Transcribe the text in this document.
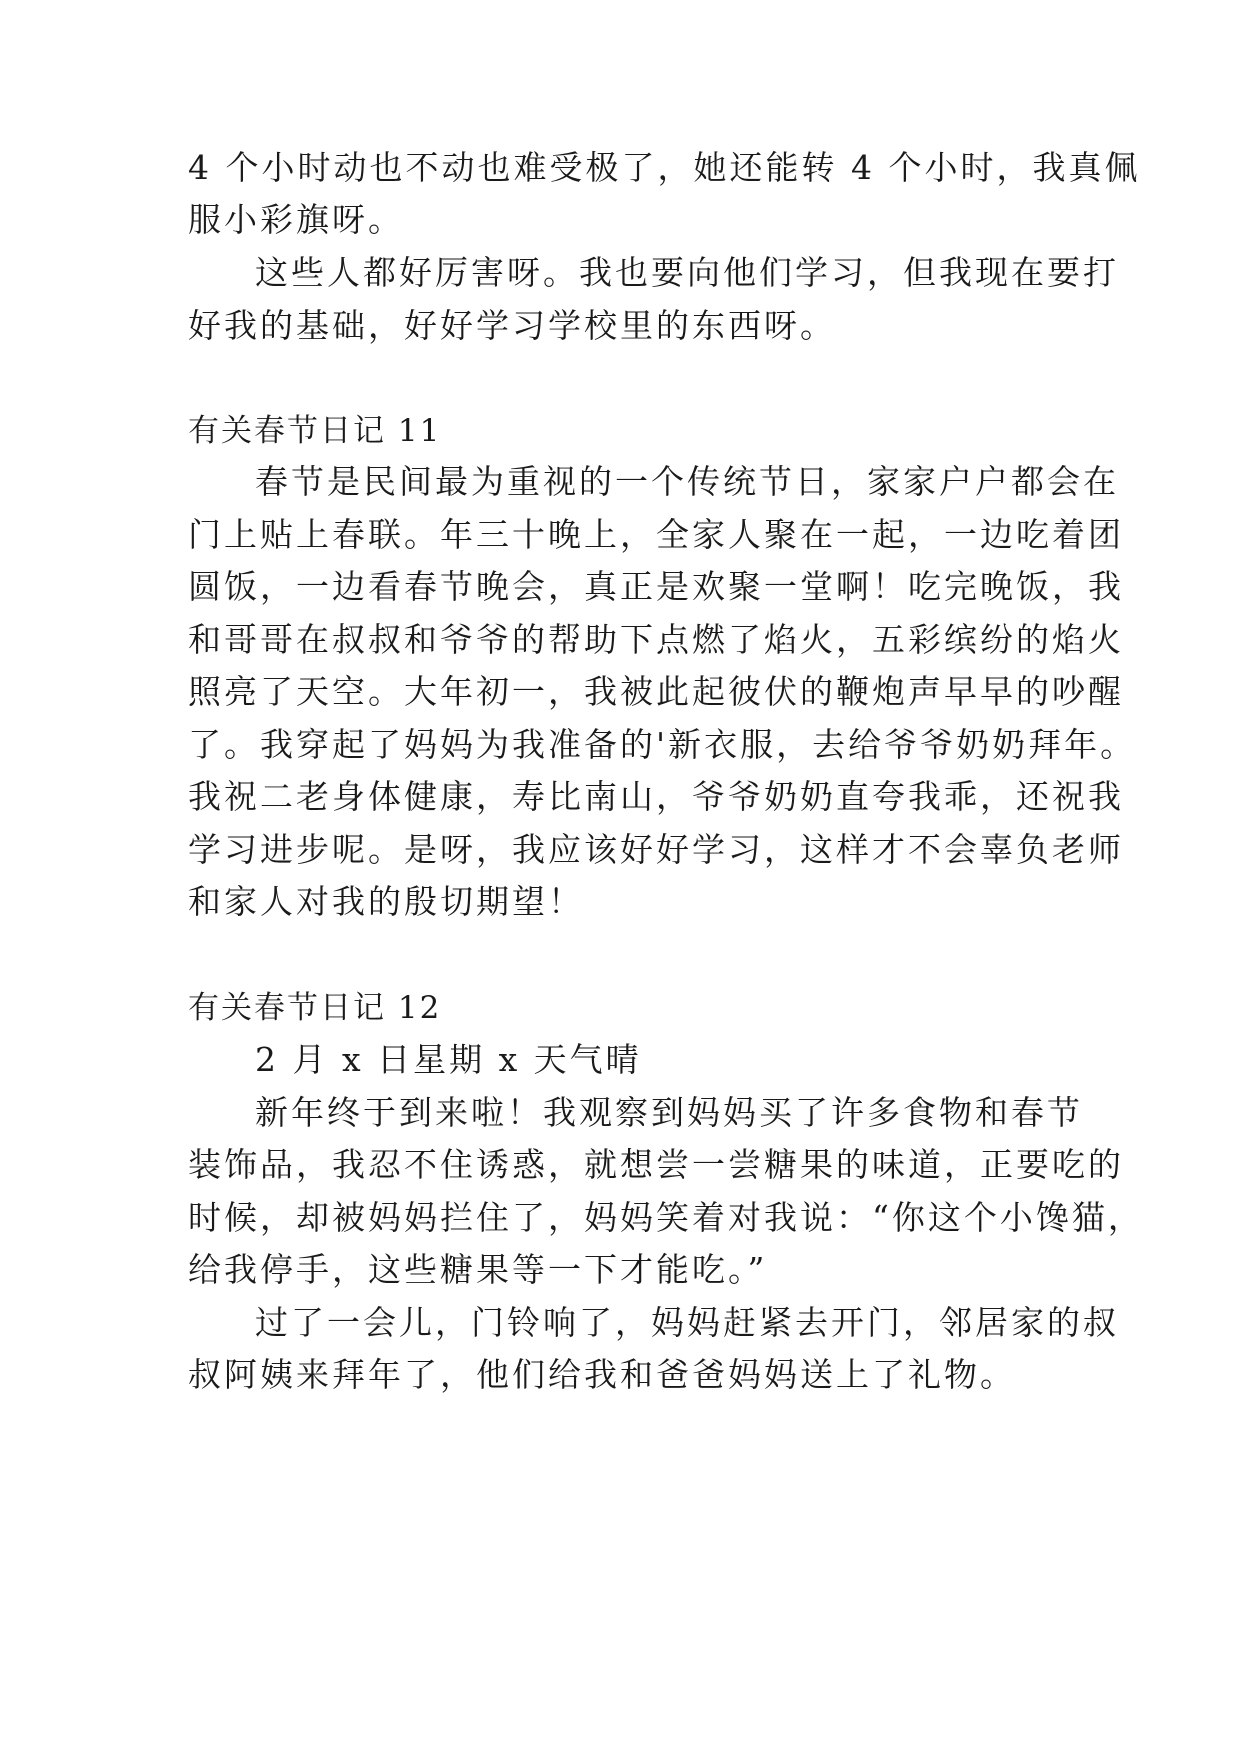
4 个小时动也不动也难受极了，她还能转 4 个小时，我真佩
服小彩旗呀。
这些人都好厉害呀。我也要向他们学习，但我现在要打
好我的基础，好好学习学校里的东西呀。
有关春节日记 11
春节是民间最为重视的一个传统节日，家家户户都会在
门上贴上春联。年三十晚上，全家人聚在一起，一边吃着团
圆饭，一边看春节晚会，真正是欢聚一堂啊！吃完晚饭，我
和哥哥在叔叔和爷爷的帮助下点燃了焰火，五彩缤纷的焰火
照亮了天空。大年初一，我被此起彼伏的鞭炮声早早的吵醒
了。我穿起了妈妈为我准备的'新衣服，去给爷爷奶奶拜年。
我祝二老身体健康，寿比南山，爷爷奶奶直夸我乖，还祝我
学习进步呢。是呀，我应该好好学习，这样才不会辜负老师
和家人对我的殷切期望！
有关春节日记 12
2 月 x 日星期 x 天气晴
新年终于到来啦！我观察到妈妈买了许多食物和春节
装饰品，我忍不住诱惑，就想尝一尝糖果的味道，正要吃的
时候，却被妈妈拦住了，妈妈笑着对我说：“你这个小馋猫，
给我停手，这些糖果等一下才能吃。”
过了一会儿，门铃响了，妈妈赶紧去开门，邻居家的叔
叔阿姨来拜年了，他们给我和爸爸妈妈送上了礼物。
